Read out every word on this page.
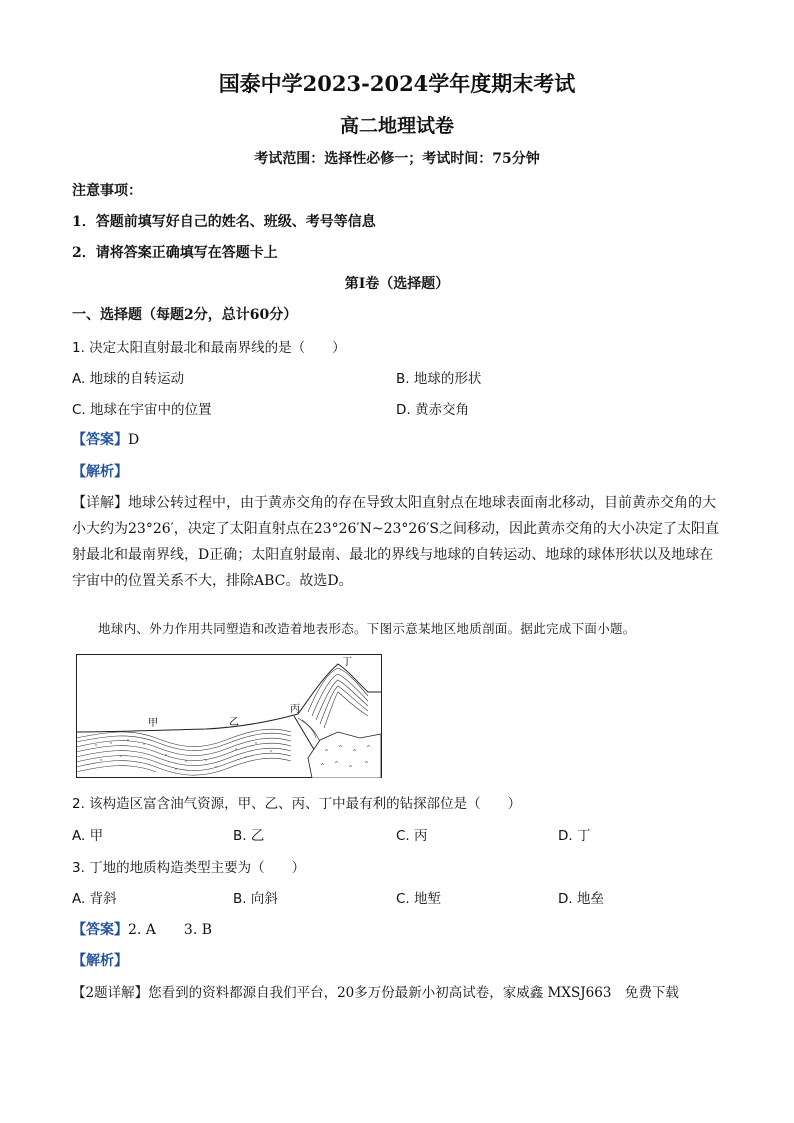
国泰中学2023-2024学年度期末考试
高二地理试卷
考试范围：选择性必修一；考试时间：75分钟
注意事项：
1．答题前填写好自己的姓名、班级、考号等信息
2．请将答案正确填写在答题卡上
第Ⅰ卷（选择题）
一、选择题（每题2分，总计60分）
1. 决定太阳直射最北和最南界线的是（　　）
A. 地球的自转运动	B. 地球的形状
C. 地球在宇宙中的位置	D. 黄赤交角
【答案】D
【解析】
【详解】地球公转过程中，由于黄赤交角的存在导致太阳直射点在地球表面南北移动，目前黄赤交角的大小大约为23°26′，决定了太阳直射点在23°26′N~23°26′S之间移动，因此黄赤交角的大小决定了太阳直射最北和最南界线，D正确；太阳直射最南、最北的界线与地球的自转运动、地球的球体形状以及地球在宇宙中的位置关系不大，排除ABC。故选D。
地球内、外力作用共同塑造和改造着地表形态。下图示意某地区地质剖面。据此完成下面小题。
^
^
^
^
^ ^
^
^
甲	乙
丙
丁
2. 该构造区富含油气资源，甲、乙、丙、丁中最有利的钻探部位是（　　）
A. 甲	B. 乙	C. 丙	D. 丁
3. 丁地的地质构造类型主要为（　　）
A. 背斜	B. 向斜	C. 地堑	D. 地垒
【答案】2. A　　3. B
【解析】
【2题详解】您看到的资料都源自我们平台，20多万份最新小初高试卷，家威鑫 MXSJ663　免费下载
